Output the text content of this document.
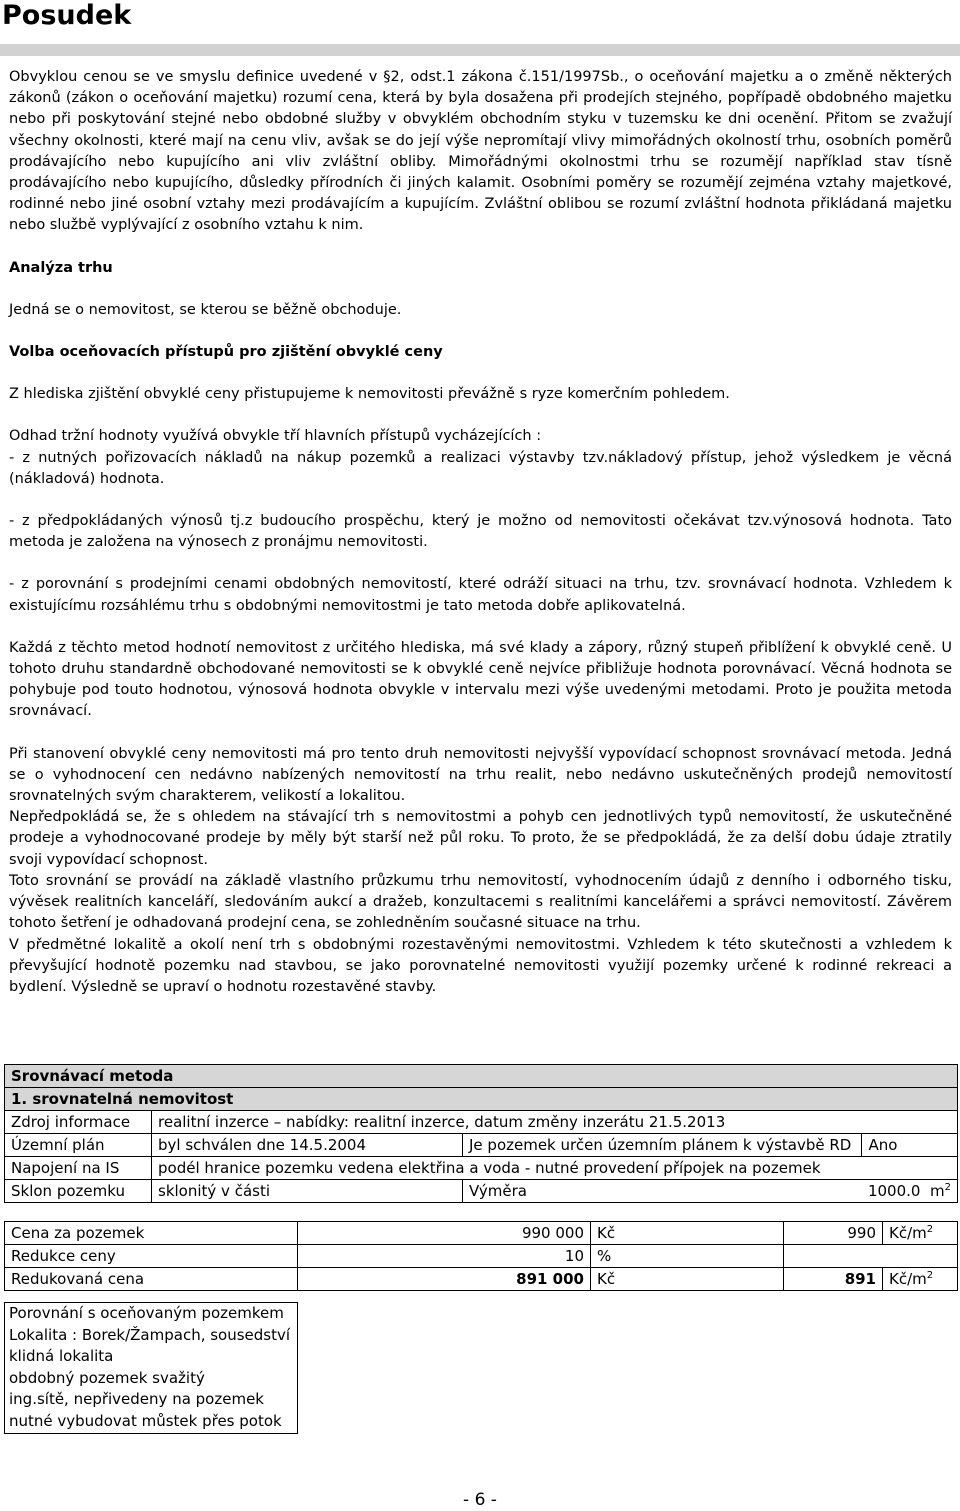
Posudek

Obvyklou cenou se ve smyslu definice uvedené v §2, odst.1 zákona č.151/1997Sb., o oceňování majetku a o změně některých zákonů (zákon o oceňování majetku) rozumí cena, která by byla dosažena při prodejích stejného, popřípadě obdobného majetku nebo při poskytování stejné nebo obdobné služby v obvyklém obchodním styku v tuzemsku ke dni ocenění. Přitom se zvažují všechny okolnosti, které mají na cenu vliv, avšak se do její výše nepromítají vlivy mimořádných okolností trhu, osobních poměrů prodávajícího nebo kupujícího ani vliv zvláštní obliby. Mimořádnými okolnostmi trhu se rozumějí například stav tísně prodávajícího nebo kupujícího, důsledky přírodních či jiných kalamit. Osobními poměry se rozumějí zejména vztahy majetkové, rodinné nebo jiné osobní vztahy mezi prodávajícím a kupujícím. Zvláštní oblibou se rozumí zvláštní hodnota přikládaná majetku nebo službě vyplývající z osobního vztahu k nim.

Analýza trhu

Jedná se o nemovitost, se kterou se běžně obchoduje.

Volba oceňovacích přístupů pro zjištění obvyklé ceny

Z hlediska zjištění obvyklé ceny přistupujeme k nemovitosti převážně s ryze komerčním pohledem.

Odhad tržní hodnoty využívá obvykle tří hlavních přístupů vycházejících :

- z nutných pořizovacích nákladů na nákup pozemků a realizaci výstavby tzv.nákladový přístup, jehož výsledkem je věcná (nákladová) hodnota.

- z předpokládaných výnosů tj.z budoucího prospěchu, který je možno od nemovitosti očekávat tzv.výnosová hodnota. Tato metoda je založena na výnosech z pronájmu nemovitosti.

- z porovnání s prodejními cenami obdobných nemovitostí, které odráží situaci na trhu, tzv. srovnávací hodnota. Vzhledem k existujícímu rozsáhlému trhu s obdobnými nemovitostmi je tato metoda dobře aplikovatelná.

Každá z těchto metod hodnotí nemovitost z určitého hlediska, má své klady a zápory, různý stupeň přiblížení k obvyklé ceně. U tohoto druhu standardně obchodované nemovitosti se k obvyklé ceně nejvíce přibližuje hodnota porovnávací. Věcná hodnota se pohybuje pod touto hodnotou, výnosová hodnota obvykle v intervalu mezi výše uvedenými metodami. Proto je použita metoda srovnávací.

Při stanovení obvyklé ceny nemovitosti má pro tento druh nemovitosti nejvyšší vypovídací schopnost srovnávací metoda. Jedná se o vyhodnocení cen nedávno nabízených nemovitostí na trhu realit, nebo nedávno uskutečněných prodejů nemovitostí srovnatelných svým charakterem, velikostí a lokalitou.

Nepředpokládá se, že s ohledem na stávající trh s nemovitostmi a pohyb cen jednotlivých typů nemovitostí, že uskutečněné prodeje a vyhodnocované prodeje by měly být starší než půl roku. To proto, že se předpokládá, že za delší dobu údaje ztratily svoji vypovídací schopnost.

Toto srovnání se provádí na základě vlastního průzkumu trhu nemovitostí, vyhodnocením údajů z denního i odborného tisku, vývěsek realitních kanceláří, sledováním aukcí a dražeb, konzultacemi s realitními kancelářemi a správci nemovitostí. Závěrem tohoto šetření je odhadovaná prodejní cena, se zohledněním současné situace na trhu.

V předmětné lokalitě a okolí není trh s obdobnými rozestavěnými nemovitostmi. Vzhledem k této skutečnosti a vzhledem k převyšující hodnotě pozemku nad stavbou, se jako porovnatelné nemovitosti využijí pozemky určené k rodinné rekreaci a bydlení. Výsledně se upraví o hodnotu rozestavěné stavby.

Srovnávací metoda			
1. srovnatelná nemovitost			
Zdroj informace	realitní inzerce – nabídky: realitní inzerce, datum změny inzerátu 21.5.2013		
Územní plán	byl schválen dne 14.5.2004	Je pozemek určen územním plánem k výstavbě RD	Ano
Napojení na IS	podél hranice pozemku vedena elektřina a voda - nutné provedení přípojek na pozemek		
Sklon pozemku	sklonitý v části	Výměra	1000.0 $m^2$
Cena za pozemek	990 000	Kč	990	$Kč/m^2$
Redukce ceny	10	%		
Redukovaná cena	891 000	Kč	891	$Kč/m^2$
Porovnání s oceňovaným pozemkem
Lokalita : Borek/Žampach, sousedství
klidná lokalita
obdobný pozemek svažitý
ing.sítě, nepřivedeny na pozemek
nutné vybudovat můstek přes potok
- 6 -
